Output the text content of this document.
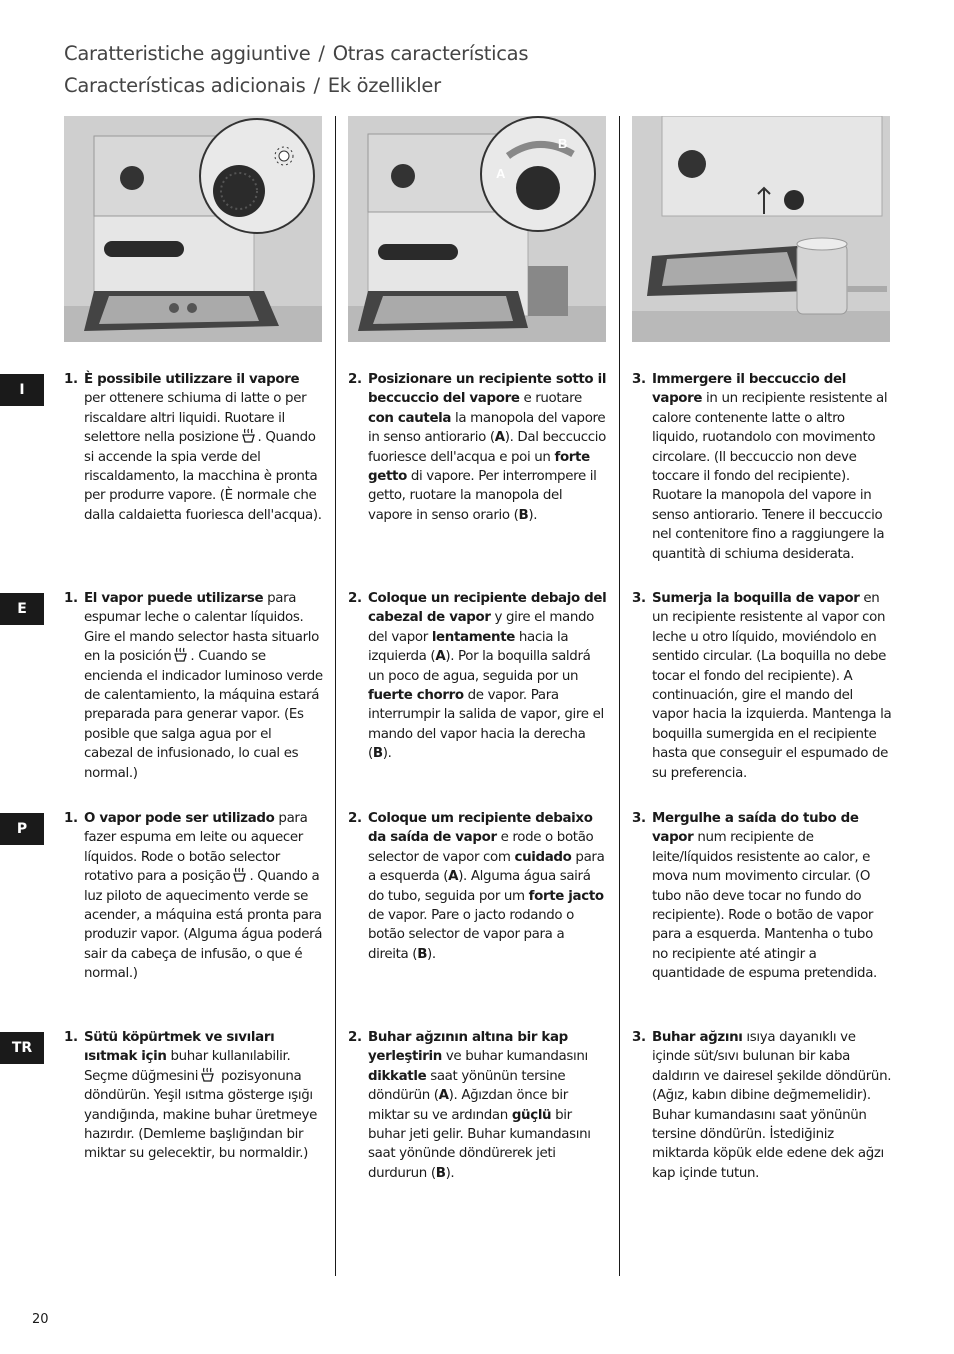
Caratteristiche aggiuntive / Otras características
Características adicionais / Ek özellikler
A
B
I
E
P
TR
1. È possibile utilizzare il vapore per ottenere schiuma di latte o per riscaldare altri liquidi. Ruotare il selettore nella posizione . Quando si accende la spia verde del riscaldamento, la macchina è pronta per produrre vapore. (È normale che dalla caldaietta fuoriesca dell'acqua).
2. Posizionare un recipiente sotto il beccuccio del vapore e ruotare con cautela la manopola del vapore in senso antiorario (A). Dal beccuccio fuoriesce dell'acqua e poi un forte getto di vapore. Per interrompere il getto, ruotare la manopola del vapore in senso orario (B).
3. Immergere il beccuccio del vapore in un recipiente resistente al calore contenente latte o altro liquido, ruotandolo con movimento circolare. (Il beccuccio non deve toccare il fondo del recipiente). Ruotare la manopola del vapore in senso antiorario. Tenere il beccuccio nel contenitore fino a raggiungere la quantità di schiuma desiderata.
1. El vapor puede utilizarse para espumar leche o calentar líquidos. Gire el mando selector hasta situarlo en la posición . Cuando se encienda el indicador luminoso verde de calentamiento, la máquina estará preparada para generar vapor. (Es posible que salga agua por el cabezal de infusionado, lo cual es normal.)
2. Coloque un recipiente debajo del cabezal de vapor y gire el mando del vapor lentamente hacia la izquierda (A). Por la boquilla saldrá un poco de agua, seguida por un fuerte chorro de vapor. Para interrumpir la salida de vapor, gire el mando del vapor hacia la derecha (B).
3. Sumerja la boquilla de vapor en un recipiente resistente al vapor con leche u otro líquido, moviéndolo en sentido circular. (La boquilla no debe tocar el fondo del recipiente). A continuación, gire el mando del vapor hacia la izquierda. Mantenga la boquilla sumergida en el recipiente hasta que conseguir el espumado de su preferencia.
1. O vapor pode ser utilizado para fazer espuma em leite ou aquecer líquidos. Rode o botão selector rotativo para a posição . Quando a luz piloto de aquecimento verde se acender, a máquina está pronta para produzir vapor. (Alguma água poderá sair da cabeça de infusão, o que é normal.)
2. Coloque um recipiente debaixo da saída de vapor e rode o botão selector de vapor com cuidado para a esquerda (A). Alguma água sairá do tubo, seguida por um forte jacto de vapor. Pare o jacto rodando o botão selector de vapor para a direita (B).
3. Mergulhe a saída do tubo de vapor num recipiente de leite/líquidos resistente ao calor, e mova num movimento circular. (O tubo não deve tocar no fundo do recipiente). Rode o botão de vapor para a esquerda. Mantenha o tubo no recipiente até atingir a quantidade de espuma pretendida.
1. Sütü köpürtmek ve sıvıları ısıtmak için buhar kullanılabilir. Seçme düğmesini pozisyonuna döndürün. Yeşil ısıtma gösterge ışığı yandığında, makine buhar üretmeye hazırdır. (Demleme başlığından bir miktar su gelecektir, bu normaldir.)
2. Buhar ağzının altına bir kap yerleştirin ve buhar kumandasını dikkatle saat yönünün tersine döndürün (A). Ağızdan önce bir miktar su ve ardından güçlü bir buhar jeti gelir. Buhar kumandasını saat yönünde döndürerek jeti durdurun (B).
3. Buhar ağzını ısıya dayanıklı ve içinde süt/sıvı bulunan bir kaba daldırın ve dairesel şekilde döndürün. (Ağız, kabın dibine değmemelidir). Buhar kumandasını saat yönünün tersine döndürün. İstediğiniz miktarda köpük elde edene dek ağzı kap içinde tutun.
20
